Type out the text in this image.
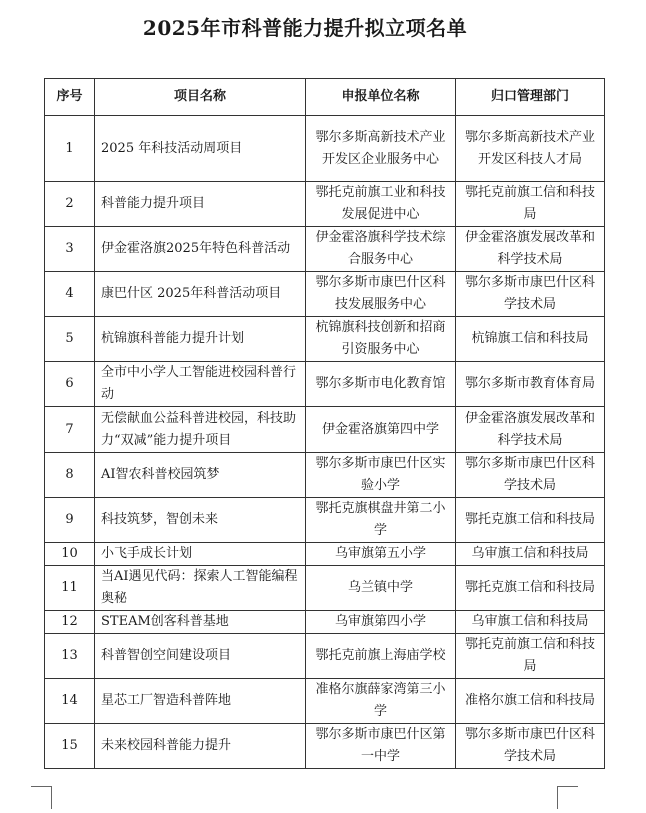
2025年市科普能力提升拟立项名单
序号	项目名称	申报单位名称	归口管理部门
1	2025 年科技活动周项目	鄂尔多斯高新技术产业开发区企业服务中心	鄂尔多斯高新技术产业开发区科技人才局
2	科普能力提升项目	鄂托克前旗工业和科技发展促进中心	鄂托克前旗工信和科技局
3	伊金霍洛旗2025年特色科普活动	伊金霍洛旗科学技术综合服务中心	伊金霍洛旗发展改革和科学技术局
4	康巴什区 2025年科普活动项目	鄂尔多斯市康巴什区科技发展服务中心	鄂尔多斯市康巴什区科学技术局
5	杭锦旗科普能力提升计划	杭锦旗科技创新和招商引资服务中心	杭锦旗工信和科技局
6	全市中小学人工智能进校园科普行动	鄂尔多斯市电化教育馆	鄂尔多斯市教育体育局
7	无偿献血公益科普进校园，科技助力“双减”能力提升项目	伊金霍洛旗第四中学	伊金霍洛旗发展改革和科学技术局
8	AI智农科普校园筑梦	鄂尔多斯市康巴什区实验小学	鄂尔多斯市康巴什区科学技术局
9	科技筑梦，智创未来	鄂托克旗棋盘井第二小学	鄂托克旗工信和科技局
10	小飞手成长计划	乌审旗第五小学	乌审旗工信和科技局
11	当AI遇见代码：探索人工智能编程奥秘	乌兰镇中学	鄂托克旗工信和科技局
12	STEAM创客科普基地	乌审旗第四小学	乌审旗工信和科技局
13	科普智创空间建设项目	鄂托克前旗上海庙学校	鄂托克前旗工信和科技局
14	星芯工厂智造科普阵地	准格尔旗薛家湾第三小学	准格尔旗工信和科技局
15	未来校园科普能力提升	鄂尔多斯市康巴什区第一中学	鄂尔多斯市康巴什区科学技术局
